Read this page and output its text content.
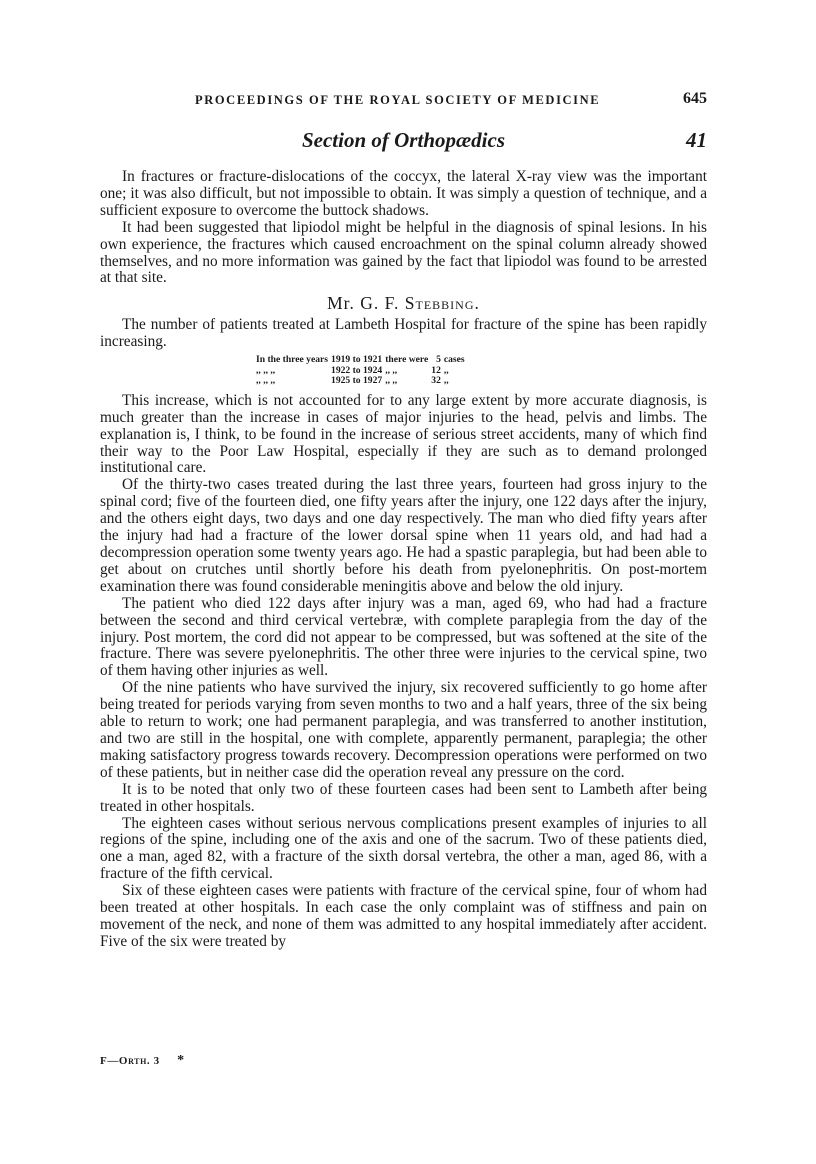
PROCEEDINGS OF THE ROYAL SOCIETY OF MEDICINE	645
Section of Orthopædics	41

In fractures or fracture-dislocations of the coccyx, the lateral X-ray view was the important one; it was also difficult, but not impossible to obtain. It was simply a question of technique, and a sufficient exposure to overcome the buttock shadows.

It had been suggested that lipiodol might be helpful in the diagnosis of spinal lesions. In his own experience, the fractures which caused encroachment on the spinal column already showed themselves, and no more information was gained by the fact that lipiodol was found to be arrested at that site.

Mr. G. F. Stebbing.

The number of patients treated at Lambeth Hospital for fracture of the spine has been rapidly increasing.

In the three years	1919 to 1921	there were	5	cases
,, ,, ,,	1922 to 1924	,, ,,	12	,,
,, ,, ,,	1925 to 1927	,, ,,	32	,,

This increase, which is not accounted for to any large extent by more accurate diagnosis, is much greater than the increase in cases of major injuries to the head, pelvis and limbs. The explanation is, I think, to be found in the increase of serious street accidents, many of which find their way to the Poor Law Hospital, especially if they are such as to demand prolonged institutional care.

Of the thirty-two cases treated during the last three years, fourteen had gross injury to the spinal cord; five of the fourteen died, one fifty years after the injury, one 122 days after the injury, and the others eight days, two days and one day respectively. The man who died fifty years after the injury had had a fracture of the lower dorsal spine when 11 years old, and had had a decompression operation some twenty years ago. He had a spastic paraplegia, but had been able to get about on crutches until shortly before his death from pyelonephritis. On post-mortem examination there was found considerable meningitis above and below the old injury.

The patient who died 122 days after injury was a man, aged 69, who had had a fracture between the second and third cervical vertebræ, with complete paraplegia from the day of the injury. Post mortem, the cord did not appear to be compressed, but was softened at the site of the fracture. There was severe pyelonephritis. The other three were injuries to the cervical spine, two of them having other injuries as well.

Of the nine patients who have survived the injury, six recovered sufficiently to go home after being treated for periods varying from seven months to two and a half years, three of the six being able to return to work; one had permanent paraplegia, and was transferred to another institution, and two are still in the hospital, one with complete, apparently permanent, paraplegia; the other making satisfactory progress towards recovery. Decompression operations were performed on two of these patients, but in neither case did the operation reveal any pressure on the cord.

It is to be noted that only two of these fourteen cases had been sent to Lambeth after being treated in other hospitals.

The eighteen cases without serious nervous complications present examples of injuries to all regions of the spine, including one of the axis and one of the sacrum. Two of these patients died, one a man, aged 82, with a fracture of the sixth dorsal vertebra, the other a man, aged 86, with a fracture of the fifth cervical.

Six of these eighteen cases were patients with fracture of the cervical spine, four of whom had been treated at other hospitals. In each case the only complaint was of stiffness and pain on movement of the neck, and none of them was admitted to any hospital immediately after accident. Five of the six were treated by

F—Orth. 3 *
